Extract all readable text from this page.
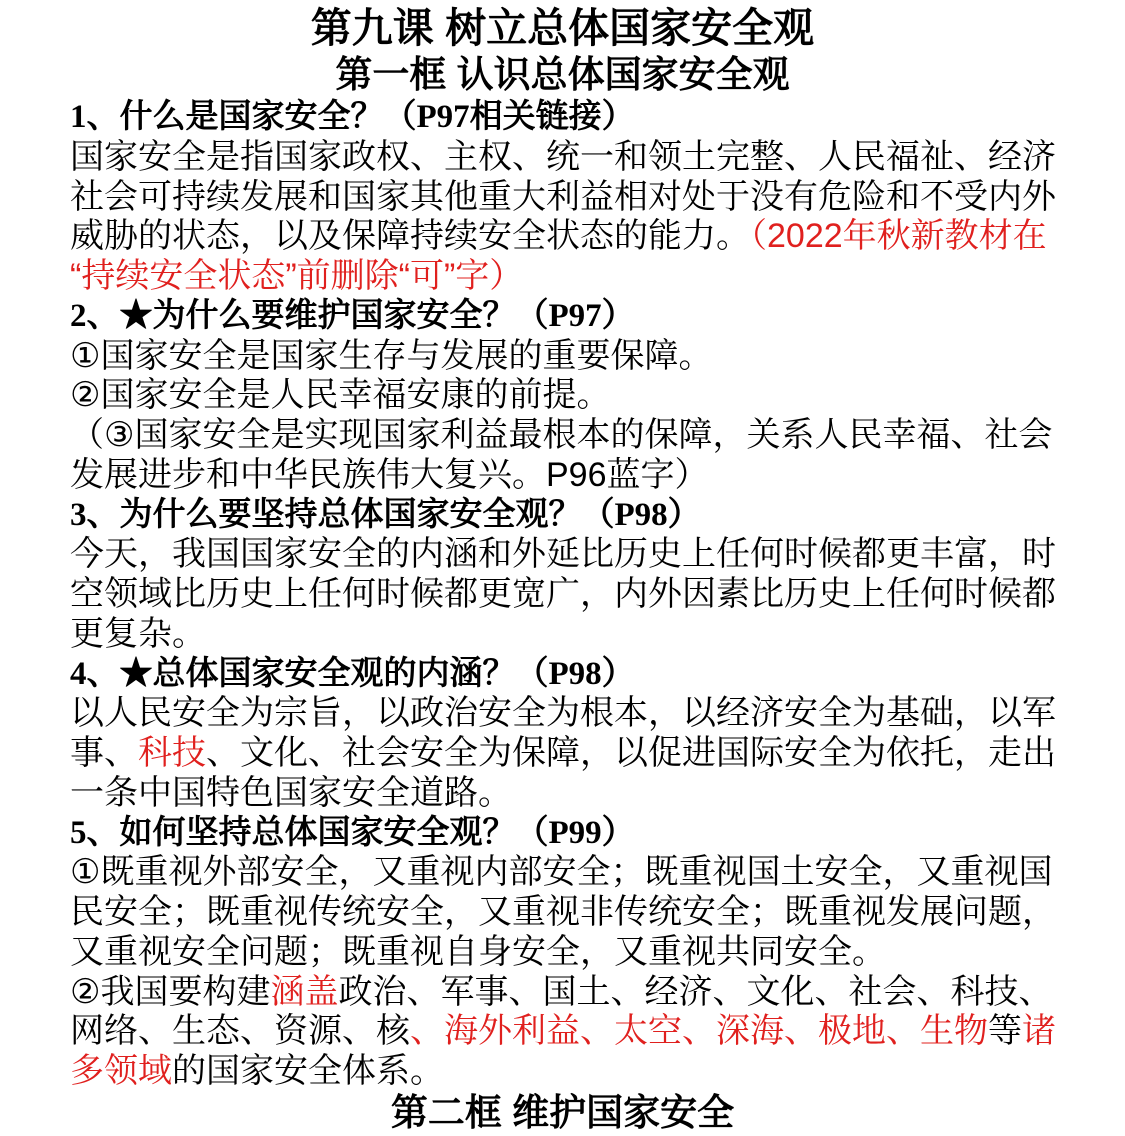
第九课 树立总体国家安全观
第一框 认识总体国家安全观
1、什么是国家安全？（P97相关链接）
国家安全是指国家政权、主权、统一和领土完整、人民福祉、经济
社会可持续发展和国家其他重大利益相对处于没有危险和不受内外
威胁的状态，以及保障持续安全状态的能力。（2022年秋新教材在
“持续安全状态”前删除“可”字）
2、★为什么要维护国家安全？（P97）
①国家安全是国家生存与发展的重要保障。
②国家安全是人民幸福安康的前提。
（③国家安全是实现国家利益最根本的保障，关系人民幸福、社会
发展进步和中华民族伟大复兴。P96蓝字）
3、为什么要坚持总体国家安全观？（P98）
今天，我国国家安全的内涵和外延比历史上任何时候都更丰富，时
空领域比历史上任何时候都更宽广，内外因素比历史上任何时候都
更复杂。
4、★总体国家安全观的内涵？（P98）
以人民安全为宗旨，以政治安全为根本，以经济安全为基础，以军
事、科技、文化、社会安全为保障，以促进国际安全为依托，走出
一条中国特色国家安全道路。
5、如何坚持总体国家安全观？（P99）
①既重视外部安全，又重视内部安全；既重视国土安全，又重视国
民安全；既重视传统安全，又重视非传统安全；既重视发展问题，
又重视安全问题；既重视自身安全，又重视共同安全。
②我国要构建涵盖政治、军事、国土、经济、文化、社会、科技、
网络、生态、资源、核、海外利益、太空、深海、极地、生物等诸
多领域的国家安全体系。
第二框 维护国家安全
